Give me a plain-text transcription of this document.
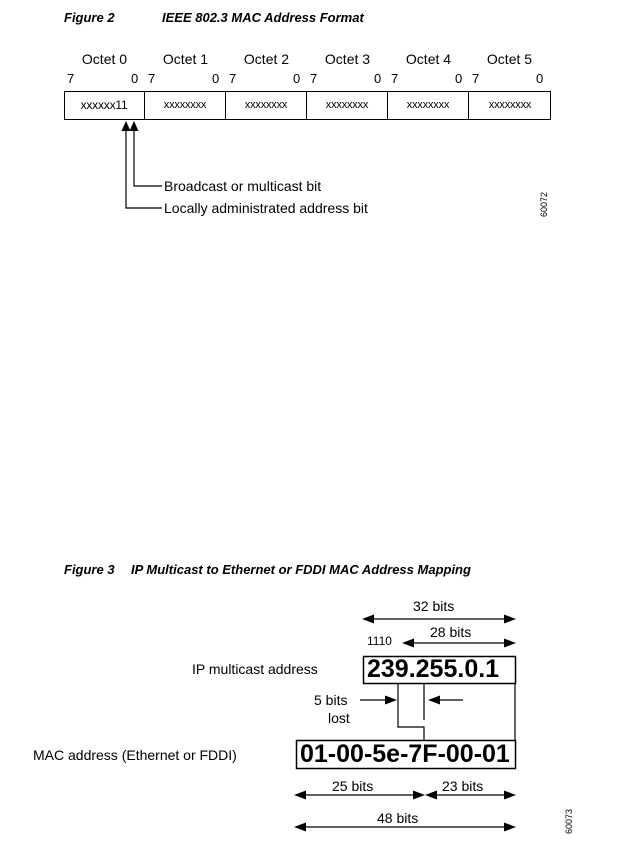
Figure 2	IEEE 802.3 MAC Address Format
Octet 0	Octet 1	Octet 2	Octet 3	Octet 4	Octet 5
7	0 7	0 7	0 7	0 7	0 7	0
xxxxxx11	xxxxxxxx	xxxxxxxx	xxxxxxxx	xxxxxxxx	xxxxxxxx
Broadcast or multicast bit
Locally administrated address bit	60072
Figure 3 IP Multicast to Ethernet or FDDI MAC Address Mapping
32 bits
28 bits
1110
IP multicast address 239.255.0.1
5 bits
lost
MAC address (Ethernet or FDDI)	01-00-5e-7F-00-01
25 bits	23 bits
48 bits	60073
